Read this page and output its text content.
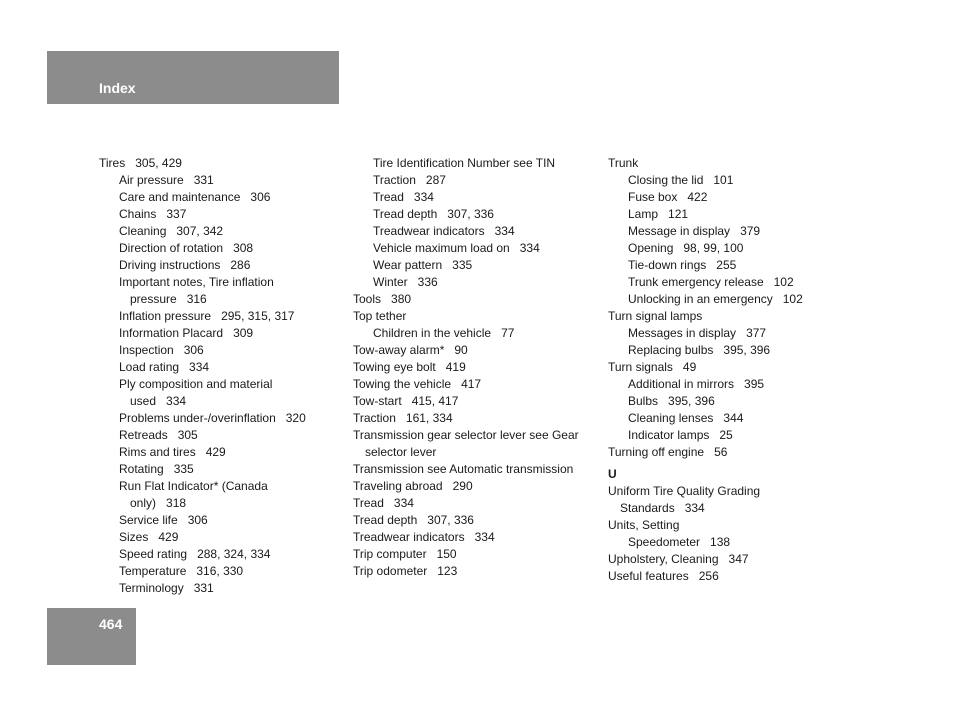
Index
Tires 305, 429
Air pressure 331
Care and maintenance 306
Chains 337
Cleaning 307, 342
Direction of rotation 308
Driving instructions 286
Important notes, Tire inflation
pressure 316
Inflation pressure 295, 315, 317
Information Placard 309
Inspection 306
Load rating 334
Ply composition and material
used 334
Problems under-/overinflation 320
Retreads 305
Rims and tires 429
Rotating 335
Run Flat Indicator* (Canada
only) 318
Service life 306
Sizes 429
Speed rating 288, 324, 334
Temperature 316, 330
Terminology 331
Tire Identification Number see TIN
Traction 287
Tread 334
Tread depth 307, 336
Treadwear indicators 334
Vehicle maximum load on 334
Wear pattern 335
Winter 336
Tools 380
Top tether
Children in the vehicle 77
Tow-away alarm* 90
Towing eye bolt 419
Towing the vehicle 417
Tow-start 415, 417
Traction 161, 334
Transmission gear selector lever see Gear
selector lever
Transmission see Automatic transmission
Traveling abroad 290
Tread 334
Tread depth 307, 336
Treadwear indicators 334
Trip computer 150
Trip odometer 123
Trunk
Closing the lid 101
Fuse box 422
Lamp 121
Message in display 379
Opening 98, 99, 100
Tie-down rings 255
Trunk emergency release 102
Unlocking in an emergency 102
Turn signal lamps
Messages in display 377
Replacing bulbs 395, 396
Turn signals 49
Additional in mirrors 395
Bulbs 395, 396
Cleaning lenses 344
Indicator lamps 25
Turning off engine 56
U
Uniform Tire Quality Grading
Standards 334
Units, Setting
Speedometer 138
Upholstery, Cleaning 347
Useful features 256
464
